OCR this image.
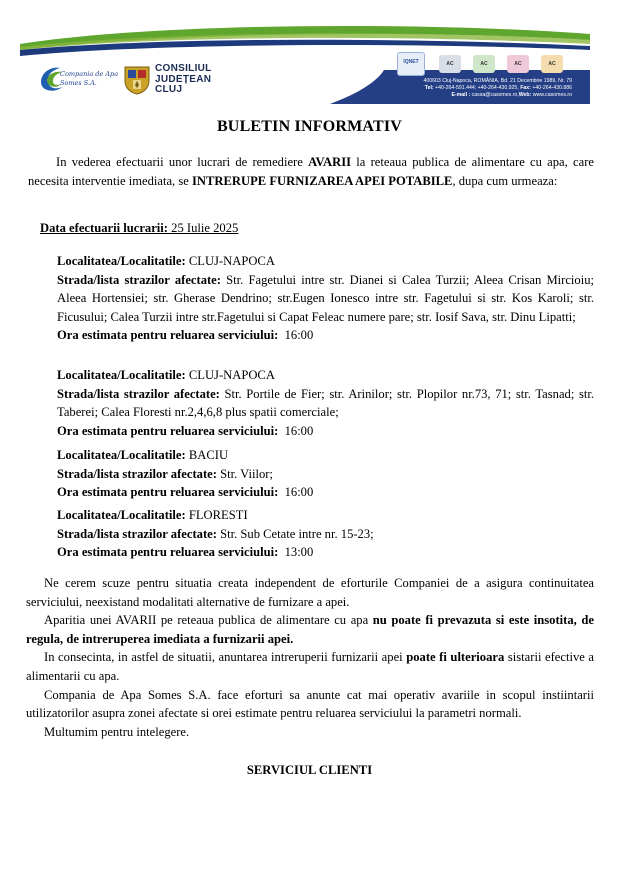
Compania de Apa Somes S.A.
CONSILIUL
JUDEȚEAN
CLUJ
IQNET	AC	AC	AC	AC
400603 Cluj-Napoca, ROMÂNIA, Bd. 21 Decembrie 1989, Nr. 79
Tel: +40-264-591.444; +40-264-430.925, Fax: +40-264-430.886
E-mail : cassa@casomes.ro,Web: www.casomes.ro
BULETIN INFORMATIV
In vederea efectuarii unor lucrari de remediere AVARII la reteaua publica de alimentare cu apa, care necesita interventie imediata, se INTRERUPE FURNIZAREA APEI POTABILE, dupa cum urmeaza:
Data efectuarii lucrarii: 25 Iulie 2025
Localitatea/Localitatile: CLUJ-NAPOCA
Strada/lista strazilor afectate: Str. Fagetului intre str. Dianei si Calea Turzii; Aleea Crisan Mircioiu; Aleea Hortensiei; str. Gherase Dendrino; str.Eugen Ionesco intre str. Fagetului si str. Kos Karoli; str. Ficusului; Calea Turzii intre str.Fagetului si Capat Feleac numere pare; str. Iosif Sava, str. Dinu Lipatti;
Ora estimata pentru reluarea serviciului: 16:00
Localitatea/Localitatile: CLUJ-NAPOCA
Strada/lista strazilor afectate: Str. Portile de Fier; str. Arinilor; str. Plopilor nr.73, 71; str. Tasnad; str. Taberei; Calea Floresti nr.2,4,6,8 plus spatii comerciale;
Ora estimata pentru reluarea serviciului: 16:00
Localitatea/Localitatile: BACIU
Strada/lista strazilor afectate: Str. Viilor;
Ora estimata pentru reluarea serviciului: 16:00
Localitatea/Localitatile: FLORESTI
Strada/lista strazilor afectate: Str. Sub Cetate intre nr. 15-23;
Ora estimata pentru reluarea serviciului: 13:00
Ne cerem scuze pentru situatia creata independent de eforturile Companiei de a asigura continuitatea serviciului, neexistand modalitati alternative de furnizare a apei.
Aparitia unei AVARII pe reteaua publica de alimentare cu apa nu poate fi prevazuta si este insotita, de regula, de intreruperea imediata a furnizarii apei.
In consecinta, in astfel de situatii, anuntarea intreruperii furnizarii apei poate fi ulterioara sistarii efective a alimentarii cu apa.
Compania de Apa Somes S.A. face eforturi sa anunte cat mai operativ avariile in scopul instiintarii utilizatorilor asupra zonei afectate si orei estimate pentru reluarea serviciului la parametri normali.
Multumim pentru intelegere.
SERVICIUL CLIENTI
